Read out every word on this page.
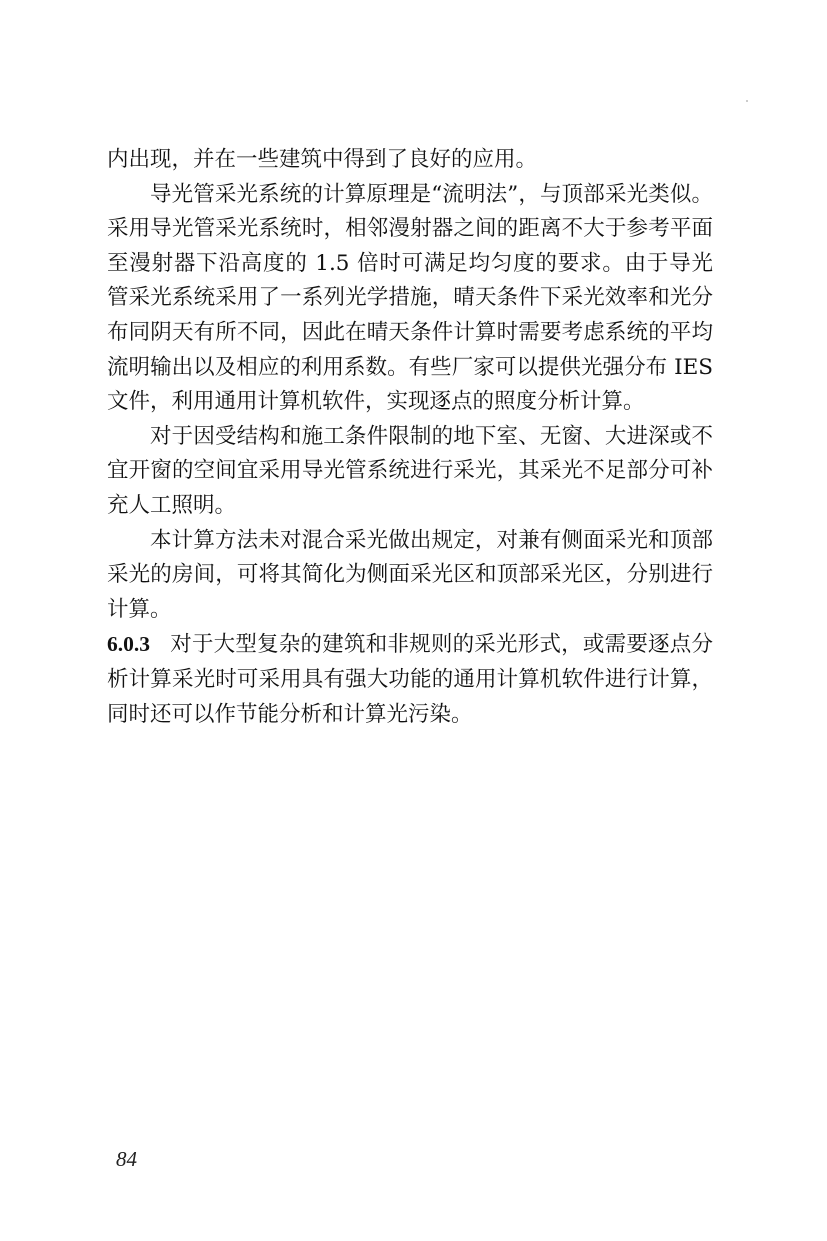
内出现，并在一些建筑中得到了良好的应用。

导光管采光系统的计算原理是“流明法”，与顶部采光类似。采用导光管采光系统时，相邻漫射器之间的距离不大于参考平面至漫射器下沿高度的 1.5 倍时可满足均匀度的要求。由于导光管采光系统采用了一系列光学措施，晴天条件下采光效率和光分布同阴天有所不同，因此在晴天条件计算时需要考虑系统的平均流明输出以及相应的利用系数。有些厂家可以提供光强分布 IES 文件，利用通用计算机软件，实现逐点的照度分析计算。

对于因受结构和施工条件限制的地下室、无窗、大进深或不宜开窗的空间宜采用导光管系统进行采光，其采光不足部分可补充人工照明。

本计算方法未对混合采光做出规定，对兼有侧面采光和顶部采光的房间，可将其简化为侧面采光区和顶部采光区，分别进行计算。

6.0.3 对于大型复杂的建筑和非规则的采光形式，或需要逐点分析计算采光时可采用具有强大功能的通用计算机软件进行计算，同时还可以作节能分析和计算光污染。

84
